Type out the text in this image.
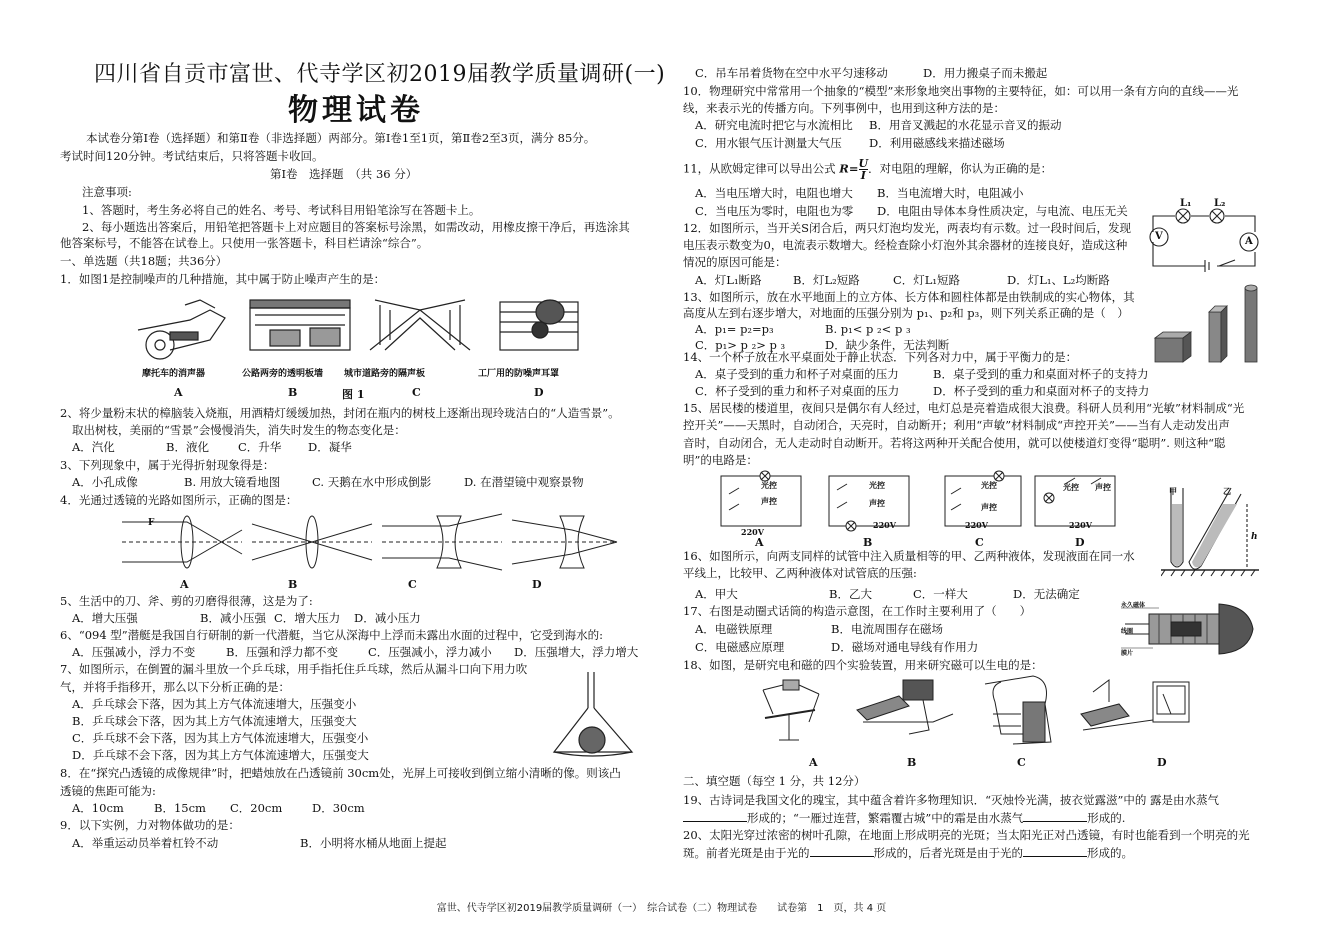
四川省自贡市富世、代寺学区初2019届教学质量调研(一)
物理试卷
本试卷分第Ⅰ卷（选择题）和第Ⅱ卷（非选择题）两部分。第Ⅰ卷1至1页，第Ⅱ卷2至3页，满分 85分。
考试时间120分钟。考试结束后，只将答题卡收回。
第Ⅰ卷　选择题　（共 36 分）
注意事项:
1、答题时，考生务必将自己的姓名、考号、考试科目用铅笔涂写在答题卡上。
2、每小题选出答案后，用铅笔把答题卡上对应题目的答案标号涂黑，如需改动，用橡皮擦干净后，再选涂其
他答案标号，不能答在试卷上。只使用一张答题卡，科目栏请涂“综合”。
一、单选题（共18题；共36分）
1．如图1是控制噪声的几种措施，其中属于防止噪声产生的是：
摩托车的消声器	公路两旁的透明板墙 城市道路旁的隔声板	工厂用的防噪声耳罩
A	B	图 1	C	D
2、将少量粉末状的樟脑装入烧瓶，用酒精灯缓缓加热，封闭在瓶内的树枝上逐渐出现玲珑洁白的“人造雪景”。
取出树枝，美丽的“雪景”会慢慢消失，消失时发生的物态变化是：
A．汽化	B．液化	C．升华 D．凝华
3、下列现象中，属于光得折射现象得是：
A．小孔成像	B. 用放大镜看地图	C. 天鹅在水中形成倒影	D. 在潜望镜中观察景物
4．光通过透镜的光路如图所示，正确的图是：
F
A	B	C	D
5、生活中的刀、斧、剪的刃磨得很薄，这是为了:
A．增大压强	B．减小压强 C．增大压力 D．减小压力
6、“094 型”潜艇是我国自行研制的新一代潜艇，当它从深海中上浮而未露出水面的过程中，它受到海水的:
A．压强减小，浮力不变	B．压强和浮力都不变	C．压强减小，浮力减小 D．压强增大，浮力增大
7、如图所示，在倒置的漏斗里放一个乒乓球，用手指托住乒乓球，然后从漏斗口向下用力吹
气，并将手指移开，那么以下分析正确的是：
A．乒乓球会下落，因为其上方气体流速增大，压强变小
B．乒乓球会下落，因为其上方气体流速增大，压强变大
C．乒乓球不会下落，因为其上方气体流速增大，压强变小
D．乒乓球不会下落，因为其上方气体流速增大，压强变大
8．在“探究凸透镜的成像规律”时，把蜡烛放在凸透镜前 30cm处，光屏上可接收到倒立缩小清晰的像。则该凸
透镜的焦距可能为:
A．10cm	B．15cm C．20cm	D．30cm
9．以下实例，力对物体做功的是：
A．举重运动员举着杠铃不动	B．小明将水桶从地面上提起
C．吊车吊着货物在空中水平匀速移动	D．用力搬桌子而未搬起
10．物理研究中常常用一个抽象的“模型”来形象地突出事物的主要特征，如：可以用一条有方向的直线——光
线，来表示光的传播方向。下列事例中，也用到这种方法的是：
A．研究电流时把它与水流相比 B．用音叉溅起的水花显示音叉的振动
C．用水银气压计测量大气压 D．利用磁感线来描述磁场
11，从欧姆定律可以导出公式 $R= \frac{U}{I}$ ．对电阻的理解，你认为正确的是：
A．当电压增大时，电阻也增大 B．当电流增大时，电阻减小
C．当电压为零时，电阻也为零 D．电阻由导体本身性质决定，与电流、电压无关
12．如图所示，当开关S闭合后，两只灯泡均发光，两表均有示数。过一段时间后，发现
电压表示数变为0，电流表示数增大。经检查除小灯泡外其余器材的连接良好，造成这种
情况的原因可能是：
A．灯L₁断路	B．灯L₂短路	C．灯L₁短路	D．灯L₁、L₂均断路
L₁ L₂
V	A
13、如图所示，放在水平地面上的立方体、长方体和圆柱体都是由铁制成的实心物体，其
高度从左到右逐步增大，对地面的压强分别为 p₁、p₂和 p₃，则下列关系正确的是（　）
A．p₁= p₂=p₃	B. p₁< p ₂< p ₃
C．p₁> p ₂> p ₃	D．缺少条件，无法判断
14、一个杯子放在水平桌面处于静止状态．下列各对力中，属于平衡力的是：
A．桌子受到的重力和杯子对桌面的压力	B．桌子受到的重力和桌面对杯子的支持力
C．杯子受到的重力和杯子对桌面的压力	D．杯子受到的重力和桌面对杯子的支持力
15、居民楼的楼道里，夜间只是偶尔有人经过，电灯总是亮着造成很大浪费。科研人员利用“光敏”材料制成“光
控开关”——天黑时，自动闭合，天亮时，自动断开；利用“声敏”材料制成“声控开关”——当有人走动发出声
音时，自动闭合，无人走动时自动断开。若将这两种开关配合使用，就可以使楼道灯变得“聪明”. 则这种“聪
明”的电路是：
光控
声控
220V
光控
声控
220V
光控
声控
220V
光控 声控
220V
A	B	C	D
16、如图所示，向两支同样的试管中注入质量相等的甲、乙两种液体，发现液面在同一水
平线上，比较甲、乙两种液体对试管底的压强:
A．甲大	B．乙大	C．一样大	D．无法确定
甲	乙
h
17、右图是动圈式话筒的构造示意图，在工作时主要利用了（　　）
A．电磁铁原理	B．电流周围存在磁场
C．电磁感应原理	D．磁场对通电导线有作用力
永久磁体
线圈
膜片
18、如图，是研究电和磁的四个实验装置，用来研究磁可以生电的是：
A	B	C	D
二、填空题（每空 1 分，共 12分）
19、古诗词是我国文化的瑰宝，其中蕴含着许多物理知识．“灭烛怜光满，披衣觉露滋”中的 露是由水蒸气
形成的；“一雁过连营，繁霜覆古城”中的霜是由水蒸气	形成的.
20、太阳光穿过浓密的树叶孔隙，在地面上形成明亮的光斑；当太阳光正对凸透镜，有时也能看到一个明亮的光
斑。前者光斑是由于光的	形成的，后者光斑是由于光的	形成的。
富世、代寺学区初2019届教学质量调研（一）　综合试卷（二）物理试卷　　试卷第　1　页，共 4 页
